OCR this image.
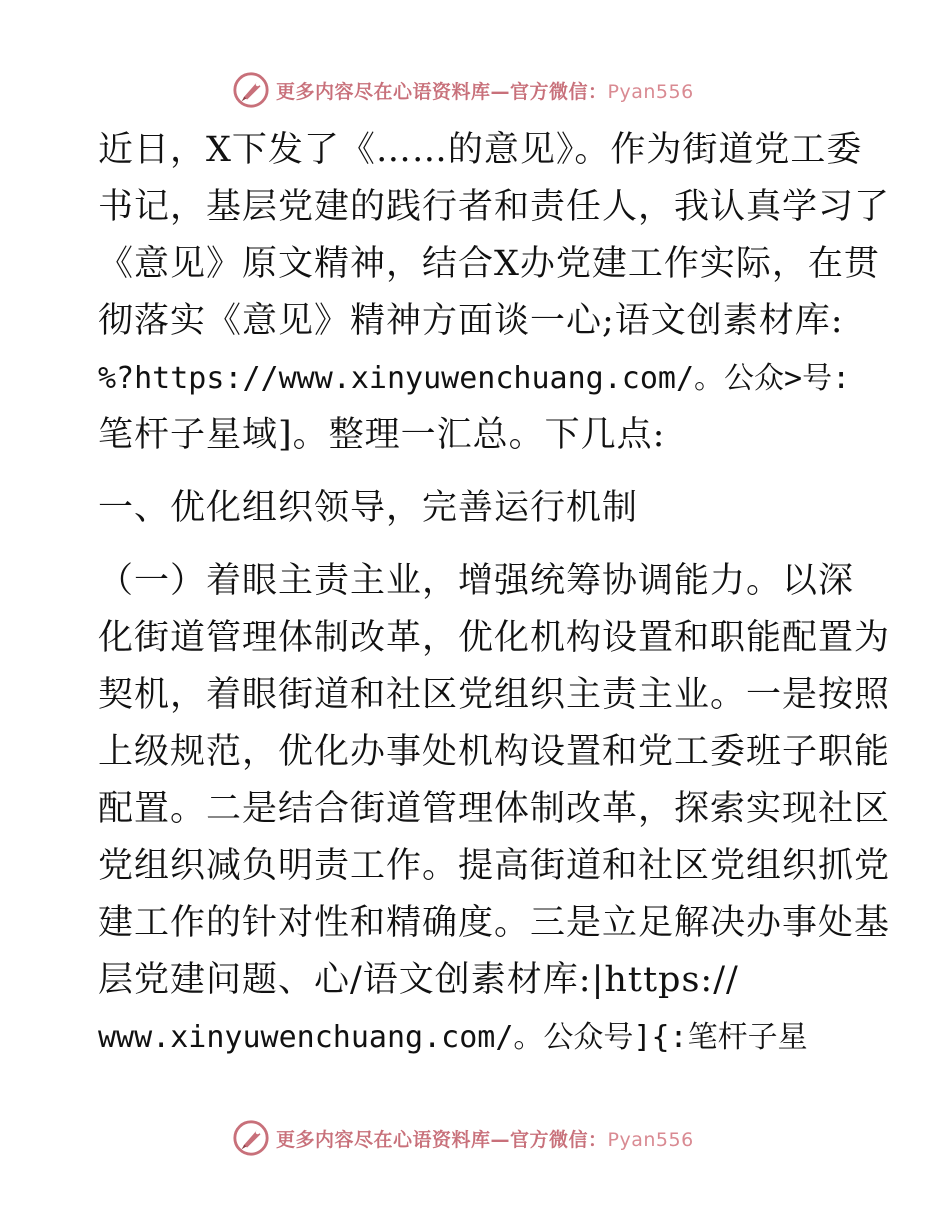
更多内容尽在心语资料库—官方微信：Pyan556
近日，X下发了《……的意见》。作为街道党工委
书记，基层党建的践行者和责任人，我认真学习了
《意见》原文精神，结合X办党建工作实际，在贯
彻落实《意见》精神方面谈一心;语文创素材库:
%?https://www.xinyuwenchuang.com/。公众>号:
笔杆子星域]。整理一汇总。下几点:
一、优化组织领导，完善运行机制
（一）着眼主责主业，增强统筹协调能力。以深
化街道管理体制改革，优化机构设置和职能配置为
契机，着眼街道和社区党组织主责主业。一是按照
上级规范，优化办事处机构设置和党工委班子职能
配置。二是结合街道管理体制改革，探索实现社区
党组织减负明责工作。提高街道和社区党组织抓党
建工作的针对性和精确度。三是立足解决办事处基
层党建问题、心/语文创素材库:|https://
www.xinyuwenchuang.com/。公众号]{:笔杆子星
更多内容尽在心语资料库—官方微信：Pyan556
